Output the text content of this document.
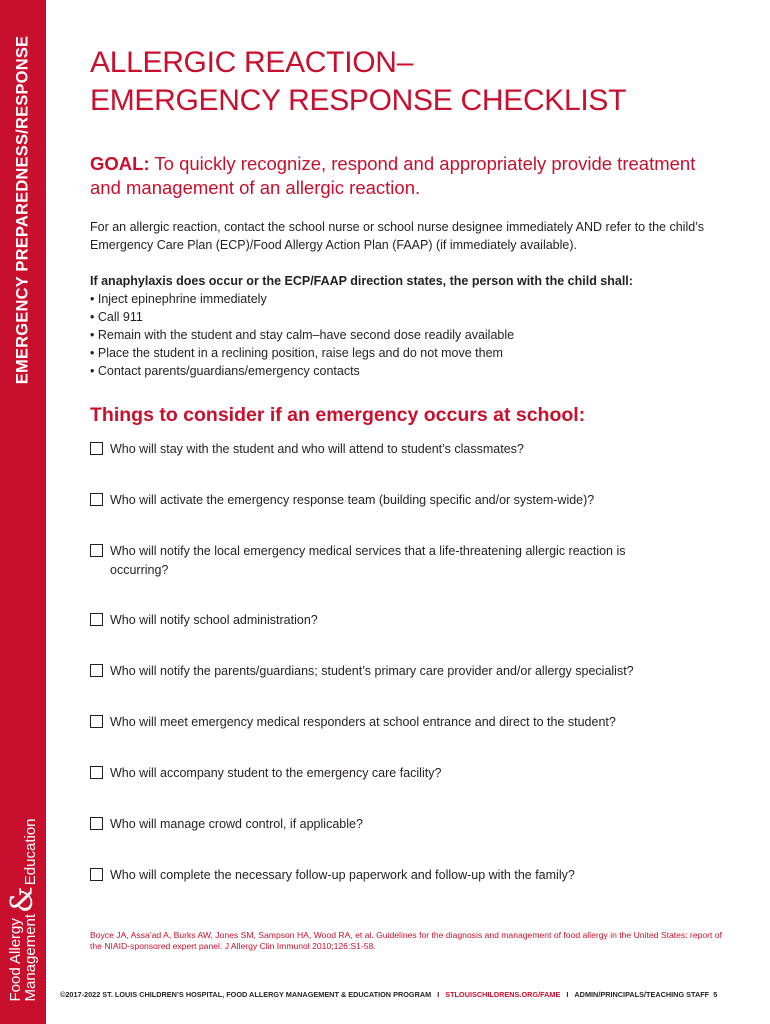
EMERGENCY PREPAREDNESS/RESPONSE
Food Allergy
Management
&
Education
ALLERGIC REACTION–
EMERGENCY RESPONSE CHECKLIST

GOAL: To quickly recognize, respond and appropriately provide treatment and management of an allergic reaction.

For an allergic reaction, contact the school nurse or school nurse designee immediately AND refer to the child’s Emergency Care Plan (ECP)/Food Allergy Action Plan (FAAP) (if immediately available).

If anaphylaxis does occur or the ECP/FAAP direction states, the person with the child shall:
• Inject epinephrine immediately
• Call 911
• Remain with the student and stay calm–have second dose readily available
• Place the student in a reclining position, raise legs and do not move them
• Contact parents/guardians/emergency contacts
Things to consider if an emergency occurs at school:
Who will stay with the student and who will attend to student’s classmates?
Who will activate the emergency response team (building specific and/or system-wide)?
Who will notify the local emergency medical services that a life-threatening allergic reaction is occurring?
Who will notify school administration?
Who will notify the parents/guardians; student’s primary care provider and/or allergy specialist?
Who will meet emergency medical responders at school entrance and direct to the student?
Who will accompany student to the emergency care facility?
Who will manage crowd control, if applicable?
Who will complete the necessary follow-up paperwork and follow-up with the family?

Boyce JA, Assa’ad A, Burks AW, Jones SM, Sampson HA, Wood RA, et al. Guidelines for the diagnosis and management of food allergy in the United States: report of the NIAID-sponsored expert panel. J Allergy Clin Immunol 2010;126:S1-58.

©2017-2022 ST. LOUIS CHILDREN’S HOSPITAL, FOOD ALLERGY MANAGEMENT & EDUCATION PROGRAM I STLOUISCHILDRENS.ORG/FAME I ADMIN/PRINCIPALS/TEACHING STAFF 5
